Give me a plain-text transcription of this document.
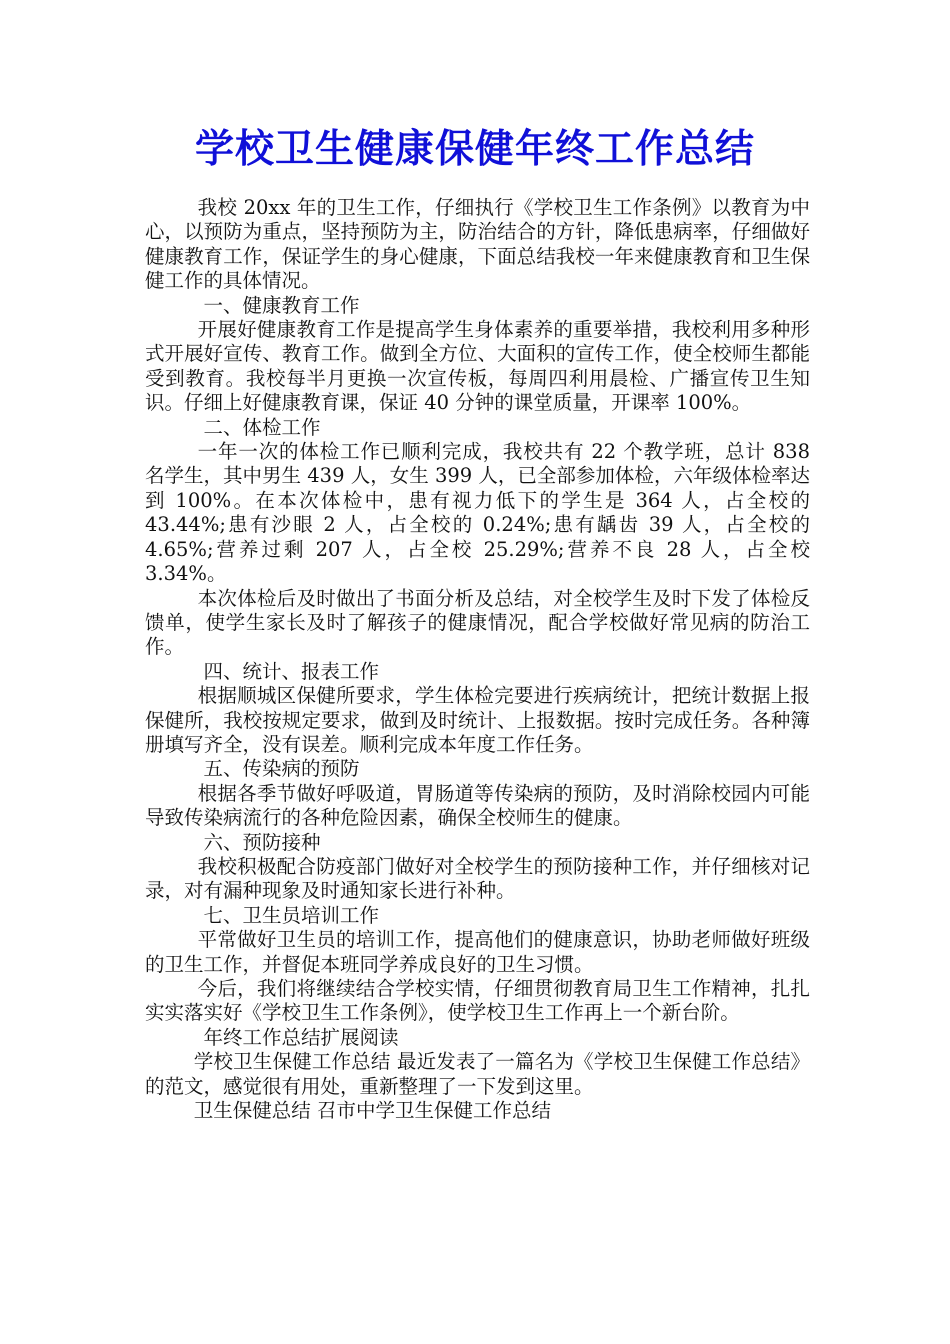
学校卫生健康保健年终工作总结

我校 20xx 年的卫生工作，仔细执行《学校卫生工作条例》以教育为中心，以预防为重点，坚持预防为主，防治结合的方针，降低患病率，仔细做好健康教育工作，保证学生的身心健康，下面总结我校一年来健康教育和卫生保健工作的具体情况。

一、健康教育工作

开展好健康教育工作是提高学生身体素养的重要举措，我校利用多种形式开展好宣传、教育工作。做到全方位、大面积的宣传工作，使全校师生都能受到教育。我校每半月更换一次宣传板，每周四利用晨检、广播宣传卫生知识。仔细上好健康教育课，保证 40 分钟的课堂质量，开课率 100%。

二、体检工作

一年一次的体检工作已顺利完成，我校共有 22 个教学班，总计 838 名学生，其中男生 439 人，女生 399 人，已全部参加体检，六年级体检率达到 100%。在本次体检中，患有视力低下的学生是 364 人，占全校的 43.44%;患有沙眼 2 人，占全校的 0.24%;患有龋齿 39 人，占全校的 4.65%;营养过剩 207 人，占全校 25.29%;营养不良 28 人，占全校 3.34%。

本次体检后及时做出了书面分析及总结，对全校学生及时下发了体检反馈单，使学生家长及时了解孩子的健康情况，配合学校做好常见病的防治工作。

四、统计、报表工作

根据顺城区保健所要求，学生体检完要进行疾病统计，把统计数据上报保健所，我校按规定要求，做到及时统计、上报数据。按时完成任务。各种簿册填写齐全，没有误差。顺利完成本年度工作任务。

五、传染病的预防

根据各季节做好呼吸道，胃肠道等传染病的预防，及时消除校园内可能导致传染病流行的各种危险因素，确保全校师生的健康。

六、预防接种

我校积极配合防疫部门做好对全校学生的预防接种工作，并仔细核对记录，对有漏种现象及时通知家长进行补种。

七、卫生员培训工作

平常做好卫生员的培训工作，提高他们的健康意识，协助老师做好班级的卫生工作，并督促本班同学养成良好的卫生习惯。

今后，我们将继续结合学校实情，仔细贯彻教育局卫生工作精神，扎扎实实落实好《学校卫生工作条例》，使学校卫生工作再上一个新台阶。

年终工作总结扩展阅读

学校卫生保健工作总结 最近发表了一篇名为《学校卫生保健工作总结》的范文，感觉很有用处，重新整理了一下发到这里。

卫生保健总结 召市中学卫生保健工作总结
